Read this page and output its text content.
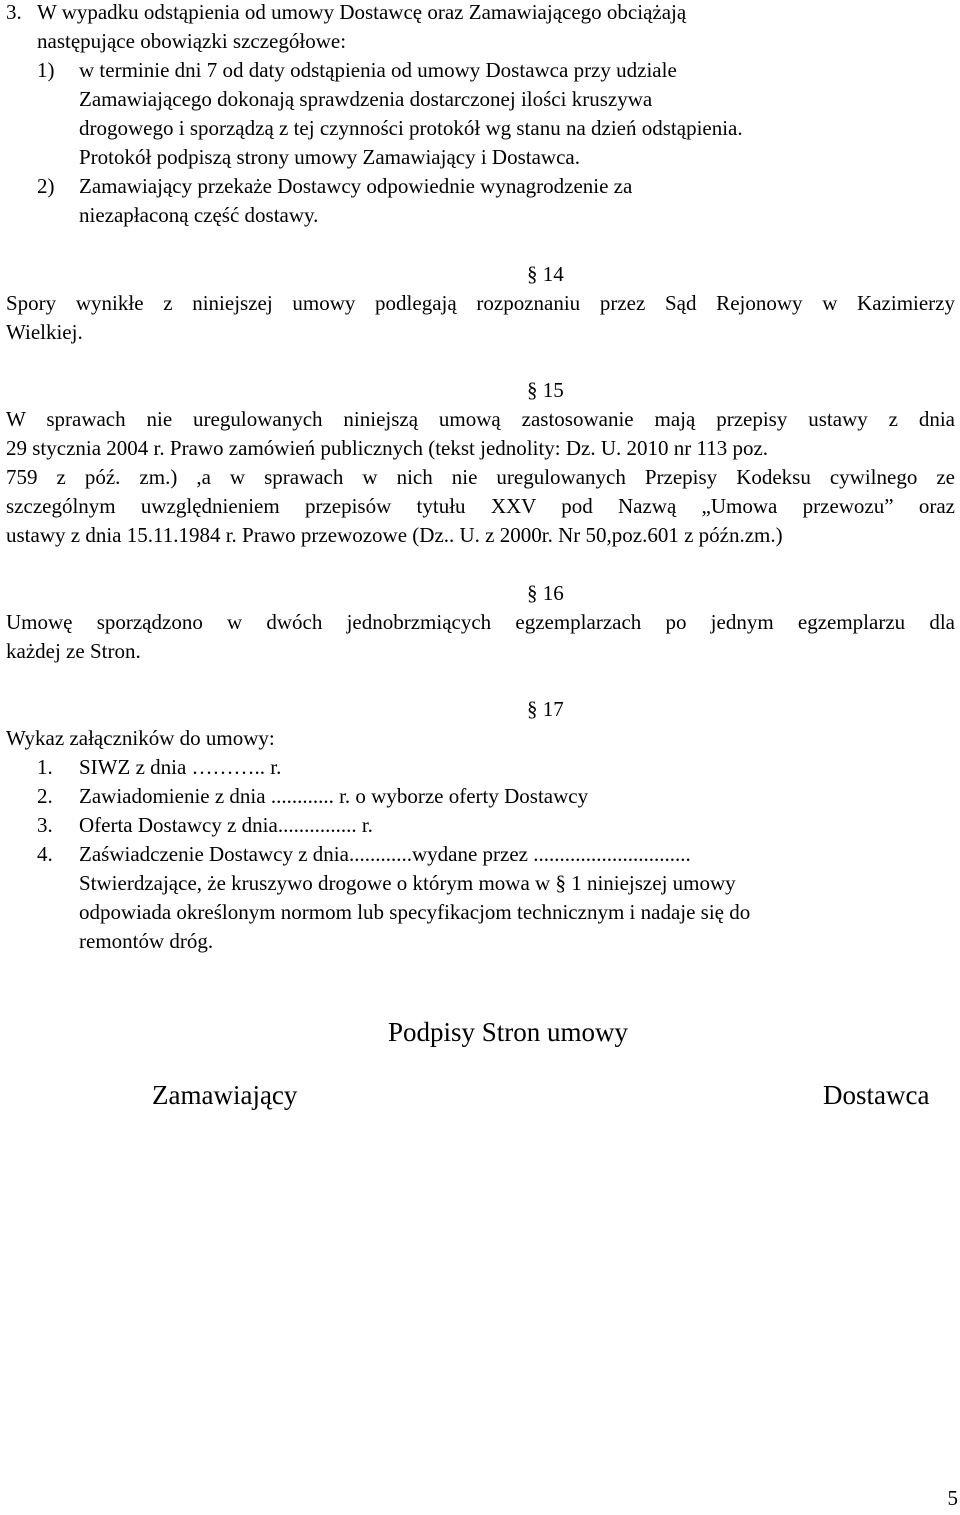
3. W wypadku odstąpienia od umowy Dostawcę oraz Zamawiającego obciążają
następujące obowiązki szczegółowe:
1) w terminie dni 7 od daty odstąpienia od umowy Dostawca przy udziale
Zamawiającego dokonają sprawdzenia dostarczonej ilości kruszywa
drogowego i sporządzą z tej czynności protokół wg stanu na dzień odstąpienia.
Protokół podpiszą strony umowy Zamawiający i Dostawca.
2) Zamawiający przekaże Dostawcy odpowiednie wynagrodzenie za
niezapłaconą część dostawy.
§ 14
Spory wynikłe z niniejszej umowy podlegają rozpoznaniu przez Sąd Rejonowy w Kazimierzy
Wielkiej.
§ 15
W sprawach nie uregulowanych niniejszą umową zastosowanie mają przepisy ustawy z dnia
29 stycznia 2004 r. Prawo zamówień publicznych (tekst jednolity: Dz. U. 2010 nr 113 poz.
759 z póź. zm.) ,a w sprawach w nich nie uregulowanych Przepisy Kodeksu cywilnego ze
szczególnym uwzględnieniem przepisów tytułu XXV pod Nazwą „Umowa przewozu” oraz
ustawy z dnia 15.11.1984 r. Prawo przewozowe (Dz.. U. z 2000r. Nr 50,poz.601 z późn.zm.)
§ 16
Umowę sporządzono w dwóch jednobrzmiących egzemplarzach po jednym egzemplarzu dla
każdej ze Stron.
§ 17
Wykaz załączników do umowy:
1. SIWZ z dnia ……….. r.
2. Zawiadomienie z dnia ............ r. o wyborze oferty Dostawcy
3. Oferta Dostawcy z dnia............... r.
4. Zaświadczenie Dostawcy z dnia............wydane przez ..............................
Stwierdzające, że kruszywo drogowe o którym mowa w § 1 niniejszej umowy
odpowiada określonym normom lub specyfikacjom technicznym i nadaje się do
remontów dróg.
Podpisy Stron umowy
Zamawiający	Dostawca
5
